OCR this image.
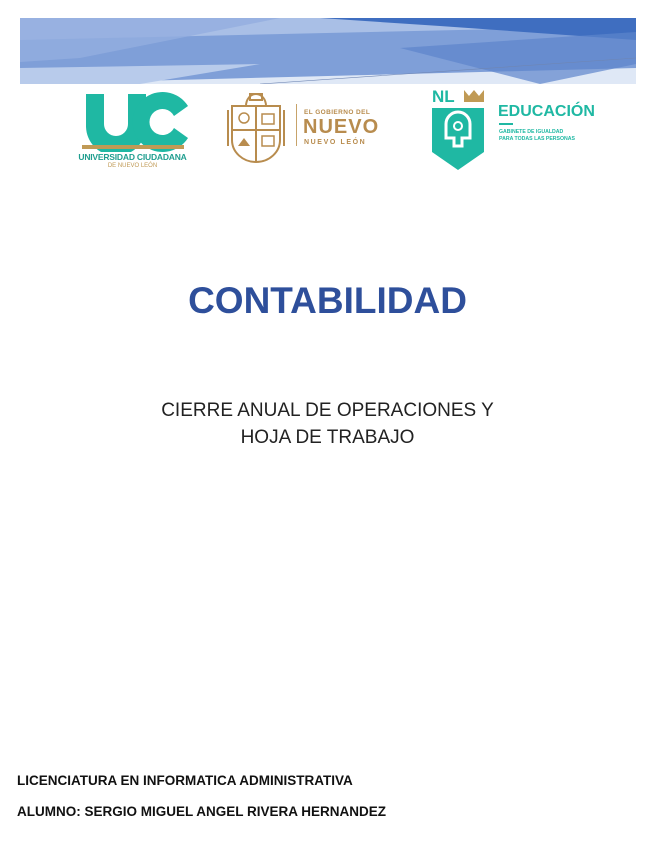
UNIVERSIDAD CIUDADANA
DE NUEVO LEÓN
EL GOBIERNO DEL
NUEVO
NUEVO LEÓN
NL
EDUCACIÓN
GABINETE DE IGUALDAD
PARA TODAS LAS PERSONAS
CONTABILIDAD
CIERRE ANUAL DE OPERACIONES Y
HOJA DE TRABAJO
LICENCIATURA EN INFORMATICA ADMINISTRATIVA
ALUMNO: SERGIO MIGUEL ANGEL RIVERA HERNANDEZ
